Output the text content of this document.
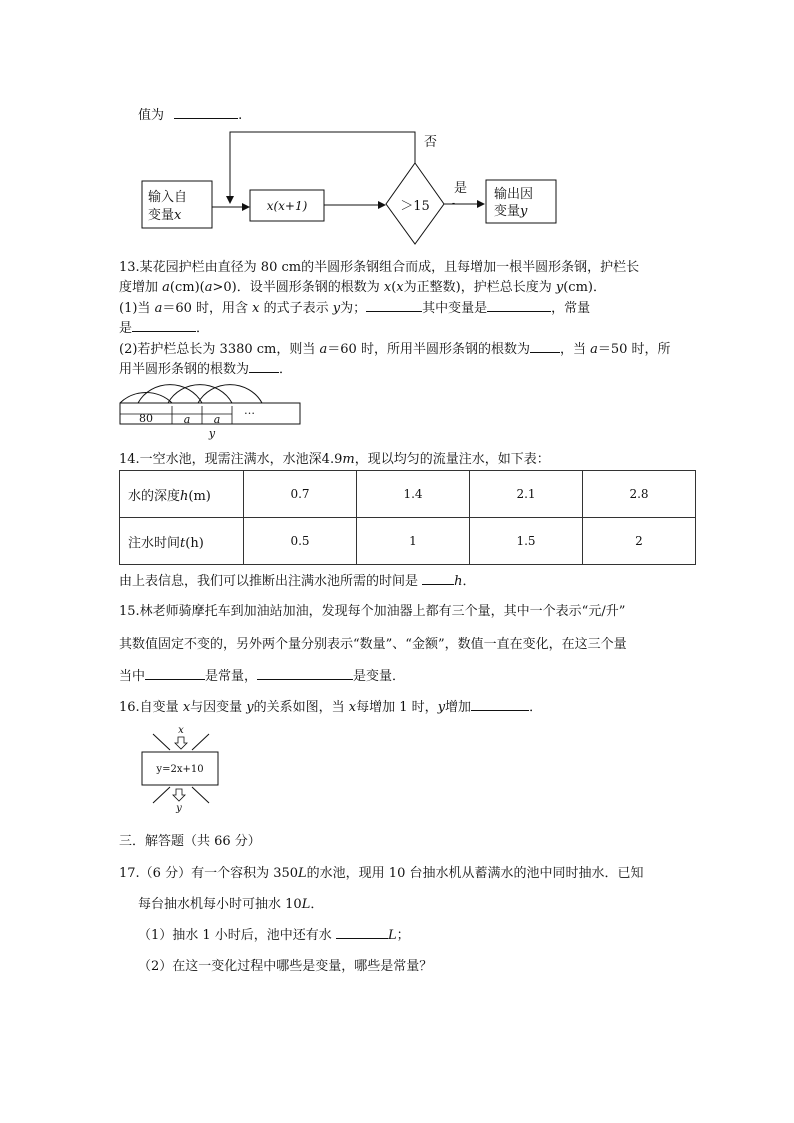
值为	.
输入自
变量x
x(x+1)	＞15
是
-
输出因
变量y
否
13.某花园护栏由直径为 80 cm的半圆形条钢组合而成，且每增加一根半圆形条钢，护栏长
度增加 a(cm)(a>0)．设半圆形条钢的根数为 x(x为正整数)，护栏总长度为 y(cm)．
(1)当 a＝60 时，用含 x 的式子表示 y为；	其中变量是	，常量
是	．
(2)若护栏总长为 3380 cm，则当 a＝60 时，所用半圆形条钢的根数为 ，当 a＝50 时，所
用半圆形条钢的根数为 ．
80	a a
…
y
14.一空水池，现需注满水，水池深4.9m，现以均匀的流量注水，如下表：
水的深度h(m)	0.7	1.4	2.1	2.8
注水时间t(h)	0.5	1	1.5	2
由上表信息，我们可以推断出注满水池所需的时间是 h．
15.林老师骑摩托车到加油站加油，发现每个加油器上都有三个量，其中一个表示“元/升”
其数值固定不变的，另外两个量分别表示“数量”、“金额”，数值一直在变化，在这三个量
当中	是常量，	是变量．
16.自变量 x与因变量 y的关系如图，当 x每增加 1 时，y增加	．
x
y=2x+10
y
三．解答题（共 66 分）
17.（6 分）有一个容积为 350L的水池，现用 10 台抽水机从蓄满水的池中同时抽水．已知
每台抽水机每小时可抽水 10L．
（1）抽水 1 小时后，池中还有水	L；
（2）在这一变化过程中哪些是变量，哪些是常量？
